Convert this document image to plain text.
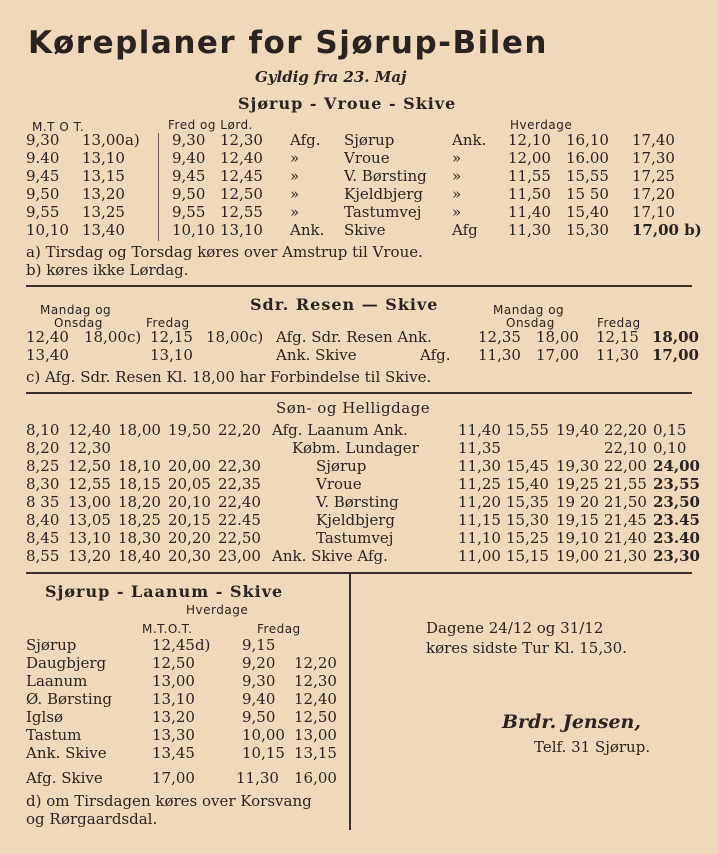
Køreplaner for Sjørup-Bilen
Gyldig fra 23. Maj
Sjørup - Vroue - Skive
M.T O T.	Fred og Lørd.	Hverdage
9,30 13,00a) 9,30 12,30 Afg. Sjørup	Ank. 12,10 16,10 17,40
9.40 13,10	9,40 12,40 »	Vroue	»	12,00 16.00 17,30
9,45 13,15	9,45 12,45 »	V. Børsting »	11,55 15,55 17,25
9,50 13,20	9,50 12,50 »	Kjeldbjerg »	11,50 15 50 17,20
9,55 13,25	9,55 12,55 »	Tastumvej »	11,40 15,40 17,10
10,10 13,40	10,10 13,10 Ank. Skive	Afg 11,30 15,30 17,00 b)
a) Tirsdag og Torsdag køres over Amstrup til Vroue.
b) køres ikke Lørdag.
Sdr. Resen — Skive
Mandag og
Onsdag	Fredag
Mandag og
Onsdag	Fredag
12,40 18,00c) 12,15 18,00c) Afg. Sdr. Resen Ank.	12,35 18,00 12,15 18,00
13,40	13,10	Ank. Skive	Afg. 11,30 17,00 11,30 17,00
c) Afg. Sdr. Resen Kl. 18,00 har Forbindelse til Skive.
Søn- og Helligdage
8,10 12,40 18,00 19,50 22,20 Afg. Laanum Ank.	11,40 15,55 19,40 22,20 0,15
8,20 12,30	Købm. Lundager	11,35	22,10 0,10
8,25 12,50 18,10 20,00 22,30	Sjørup	11,30 15,45 19,30 22,00 24,00
8,30 12,55 18,15 20,05 22,35	Vroue	11,25 15,40 19,25 21,55 23,55
8 35 13,00 18,20 20,10 22,40	V. Børsting	11,20 15,35 19 20 21,50 23,50
8,40 13,05 18,25 20,15 22.45	Kjeldbjerg	11,15 15,30 19,15 21,45 23.45
8,45 13,10 18,30 20,20 22,50	Tastumvej	11,10 15,25 19,10 21,40 23.40
8,55 13,20 18,40 20,30 23,00 Ank. Skive Afg.	11,00 15,15 19,00 21,30 23,30
Sjørup - Laanum - Skive
Hverdage
M.T.O.T.	Fredag
Sjørup	12,45d) 9,15
Daugbjerg	12,50	9,20 12,20
Laanum	13,00	9,30 12,30
Ø. Børsting	13,10	9,40 12,40
Iglsø	13,20	9,50 12,50
Tastum	13,30	10,00 13,00
Ank. Skive	13,45	10,15 13,15
Afg. Skive	17,00	11,30 16,00
d) om Tirsdagen køres over Korsvang
og Rørgaardsdal.
Dagene 24/12 og 31/12
køres sidste Tur Kl. 15,30.
Brdr. Jensen,
Telf. 31 Sjørup.
